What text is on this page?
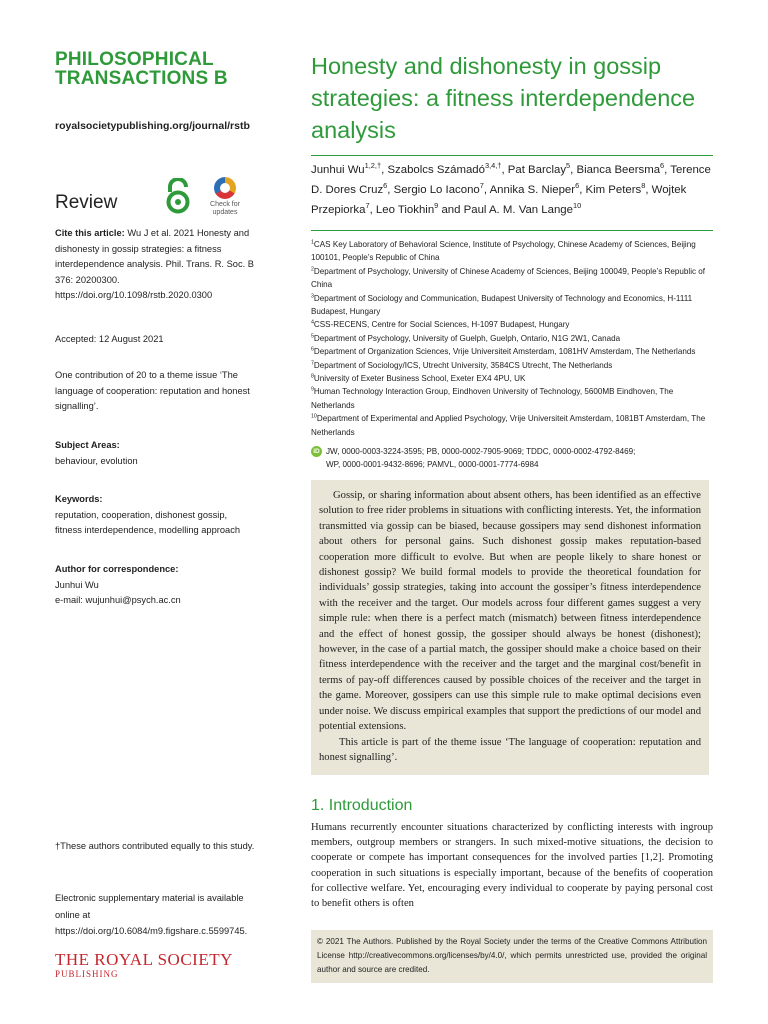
PHILOSOPHICAL
TRANSACTIONS B
royalsocietypublishing.org/journal/rstb
Review	Check for updates
Cite this article: Wu J et al. 2021 Honesty and dishonesty in gossip strategies: a fitness interdependence analysis. Phil. Trans. R. Soc. B 376: 20200300.
https://doi.org/10.1098/rstb.2020.0300
Accepted: 12 August 2021
One contribution of 20 to a theme issue ‘The language of cooperation: reputation and honest signalling’.
Subject Areas:
behaviour, evolution
Keywords:
reputation, cooperation, dishonest gossip, fitness interdependence, modelling approach
Author for correspondence:
Junhui Wu
e-mail: wujunhui@psych.ac.cn
†These authors contributed equally to this study.
Electronic supplementary material is available online at https://doi.org/10.6084/m9.figshare.c.5599745.
THE ROYAL SOCIETY
PUBLISHING
Honesty and dishonesty in gossip strategies: a fitness interdependence analysis
Junhui $Wu^{1,2,\dagger}$, Szabolcs Számadó$^{3,4,\dagger}$, Pat Barclay$^5$, Bianca Beersma$^6$, Terence D. Dores Cruz$^6$, Sergio Lo Iacono$^7$, Annika S. Nieper$^6$, Kim Peters$^8$, Wojtek Przepiorka$^7$, Leo Tiokhin$^9$ and Paul A. M. Van Lange$^{10}$
$^1$CAS Key Laboratory of Behavioral Science, Institute of Psychology, Chinese Academy of Sciences, Beijing 100101, People’s Republic of China
$^2$Department of Psychology, University of Chinese Academy of Sciences, Beijing 100049, People’s Republic of China
$^3$Department of Sociology and Communication, Budapest University of Technology and Economics, H-1111 Budapest, Hungary
$^4$CSS-RECENS, Centre for Social Sciences, H-1097 Budapest, Hungary
$^5$Department of Psychology, University of Guelph, Guelph, Ontario, N1G 2W1, Canada
$^6$Department of Organization Sciences, Vrije Universiteit Amsterdam, 1081HV Amsterdam, The Netherlands
$^7$Department of Sociology/ICS, Utrecht University, 3584CS Utrecht, The Netherlands
$^8$University of Exeter Business School, Exeter EX4 4PU, UK
$^9$Human Technology Interaction Group, Eindhoven University of Technology, 5600MB Eindhoven, The Netherlands
$^{10}$Department of Experimental and Applied Psychology, Vrije Universiteit Amsterdam, 1081BT Amsterdam, The Netherlands
iD JW, 0000-0003-3224-3595; PB, 0000-0002-7905-9069; TDDC, 0000-0002-4792-8469;
WP, 0000-0001-9432-8696; PAMVL, 0000-0001-7774-6984

Gossip, or sharing information about absent others, has been identified as an effective solution to free rider problems in situations with conflicting interests. Yet, the information transmitted via gossip can be biased, because gossipers may send dishonest information about others for personal gains. Such dishonest gossip makes reputation-based cooperation more difficult to evolve. But when are people likely to share honest or dishonest gossip? We build formal models to provide the theoretical foundation for individuals’ gossip strategies, taking into account the gossiper’s fitness interdependence with the receiver and the target. Our models across four different games suggest a very simple rule: when there is a perfect match (mismatch) between fitness interdependence and the effect of honest gossip, the gossiper should always be honest (dishonest); however, in the case of a partial match, the gossiper should make a choice based on their fitness interdependence with the receiver and the target and the marginal cost/benefit in terms of pay-off differences caused by possible choices of the receiver and the target in the game. Moreover, gossipers can use this simple rule to make optimal decisions even under noise. We discuss empirical examples that support the predictions of our model and potential extensions.

This article is part of the theme issue ‘The language of cooperation: reputation and honest signalling’.

1. Introduction
Humans recurrently encounter situations characterized by conflicting interests with ingroup members, outgroup members or strangers. In such mixed-motive situations, the decision to cooperate or compete has important consequences for the involved parties [1,2]. Promoting cooperation in such situations is especially important, because of the benefits of cooperation for collective welfare. Yet, encouraging every individual to cooperate by paying personal cost to benefit others is often
© 2021 The Authors. Published by the Royal Society under the terms of the Creative Commons Attribution License http://creativecommons.org/licenses/by/4.0/, which permits unrestricted use, provided the original author and source are credited.
